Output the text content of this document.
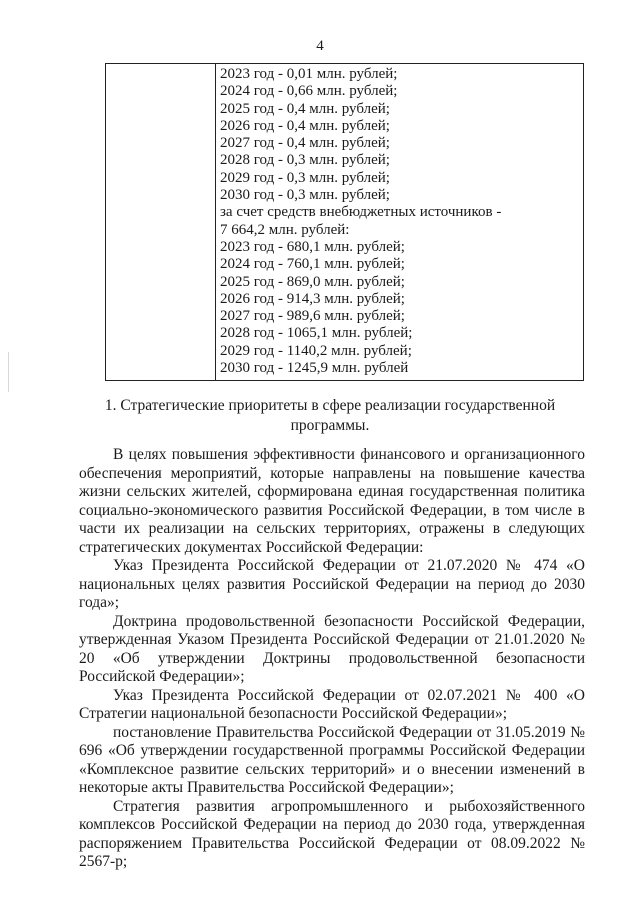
4
2023 год - 0,01 млн. рублей;
2024 год - 0,66 млн. рублей;
2025 год - 0,4 млн. рублей;
2026 год - 0,4 млн. рублей;
2027 год - 0,4 млн. рублей;
2028 год - 0,3 млн. рублей;
2029 год - 0,3 млн. рублей;
2030 год - 0,3 млн. рублей;
за счет средств внебюджетных источников -
7 664,2 млн. рублей:
2023 год - 680,1 млн. рублей;
2024 год - 760,1 млн. рублей;
2025 год - 869,0 млн. рублей;
2026 год - 914,3 млн. рублей;
2027 год - 989,6 млн. рублей;
2028 год - 1065,1 млн. рублей;
2029 год - 1140,2 млн. рублей;
2030 год - 1245,9 млн. рублей
1. Стратегические приоритеты в сфере реализации государственной программы.

В целях повышения эффективности финансового и организационного обеспечения мероприятий, которые направлены на повышение качества жизни сельских жителей, сформирована единая государственная политика социально-экономического развития Российской Федерации, в том числе в части их реализации на сельских территориях, отражены в следующих стратегических документах Российской Федерации:

Указ Президента Российской Федерации от 21.07.2020 № 474 «О национальных целях развития Российской Федерации на период до 2030 года»;

Доктрина продовольственной безопасности Российской Федерации, утвержденная Указом Президента Российской Федерации от 21.01.2020 № 20 «Об утверждении Доктрины продовольственной безопасности Российской Федерации»;

Указ Президента Российской Федерации от 02.07.2021 № 400 «О Стратегии национальной безопасности Российской Федерации»;

постановление Правительства Российской Федерации от 31.05.2019 № 696 «Об утверждении государственной программы Российской Федерации «Комплексное развитие сельских территорий» и о внесении изменений в некоторые акты Правительства Российской Федерации»;

Стратегия развития агропромышленного и рыбохозяйственного комплексов Российской Федерации на период до 2030 года, утвержденная распоряжением Правительства Российской Федерации от 08.09.2022 № 2567-р;
